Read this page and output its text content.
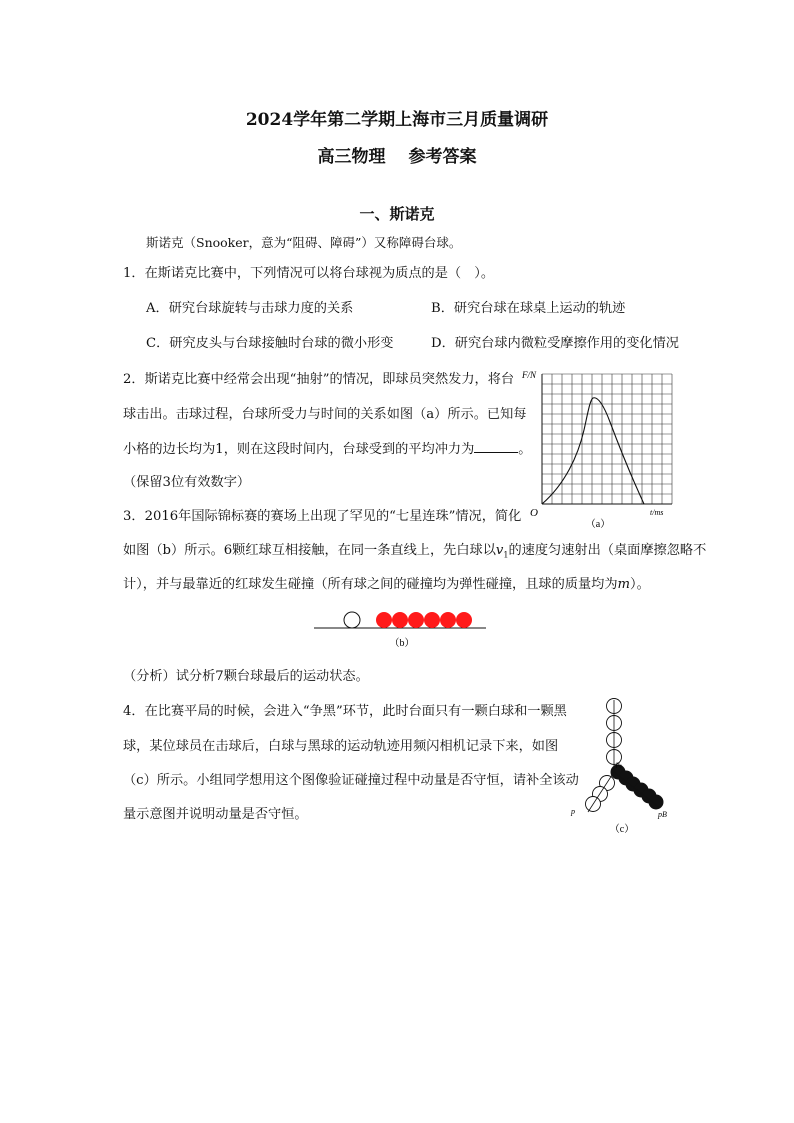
2024学年第二学期上海市三月质量调研
高三物理　 参考答案
一、斯诺克
斯诺克（Snooker，意为“阻碍、障碍”）又称障碍台球。
1．在斯诺克比赛中，下列情况可以将台球视为质点的是（　）。
A．研究台球旋转与击球力度的关系	B．研究台球在球桌上运动的轨迹
C．研究皮头与台球接触时台球的微小形变	D．研究台球内微粒受摩擦作用的变化情况
2．斯诺克比赛中经常会出现“抽射”的情况，即球员突然发力，将台
球击出。击球过程，台球所受力与时间的关系如图（a）所示。已知每
小格的边长均为1，则在这段时间内，台球受到的平均冲力为	。
（保留3位有效数字）
F/N
t/ms
O
（a）
3．2016年国际锦标赛的赛场上出现了罕见的“七星连珠”情况，简化
如图（b）所示。6颗红球互相接触，在同一条直线上，先白球以$v_1$的速度匀速射出（桌面摩擦忽略不
计），并与最靠近的红球发生碰撞（所有球之间的碰撞均为弹性碰撞，且球的质量均为m）。
（b）
（分析）试分析7颗台球最后的运动状态。
4．在比赛平局的时候，会进入“争黑”环节，此时台面只有一颗白球和一颗黑
球，某位球员在击球后，白球与黑球的运动轨迹用频闪相机记录下来，如图
（c）所示。小组同学想用这个图像验证碰撞过程中动量是否守恒，请补全该动
量示意图并说明动量是否守恒。
p₀
p	pB
（c）
